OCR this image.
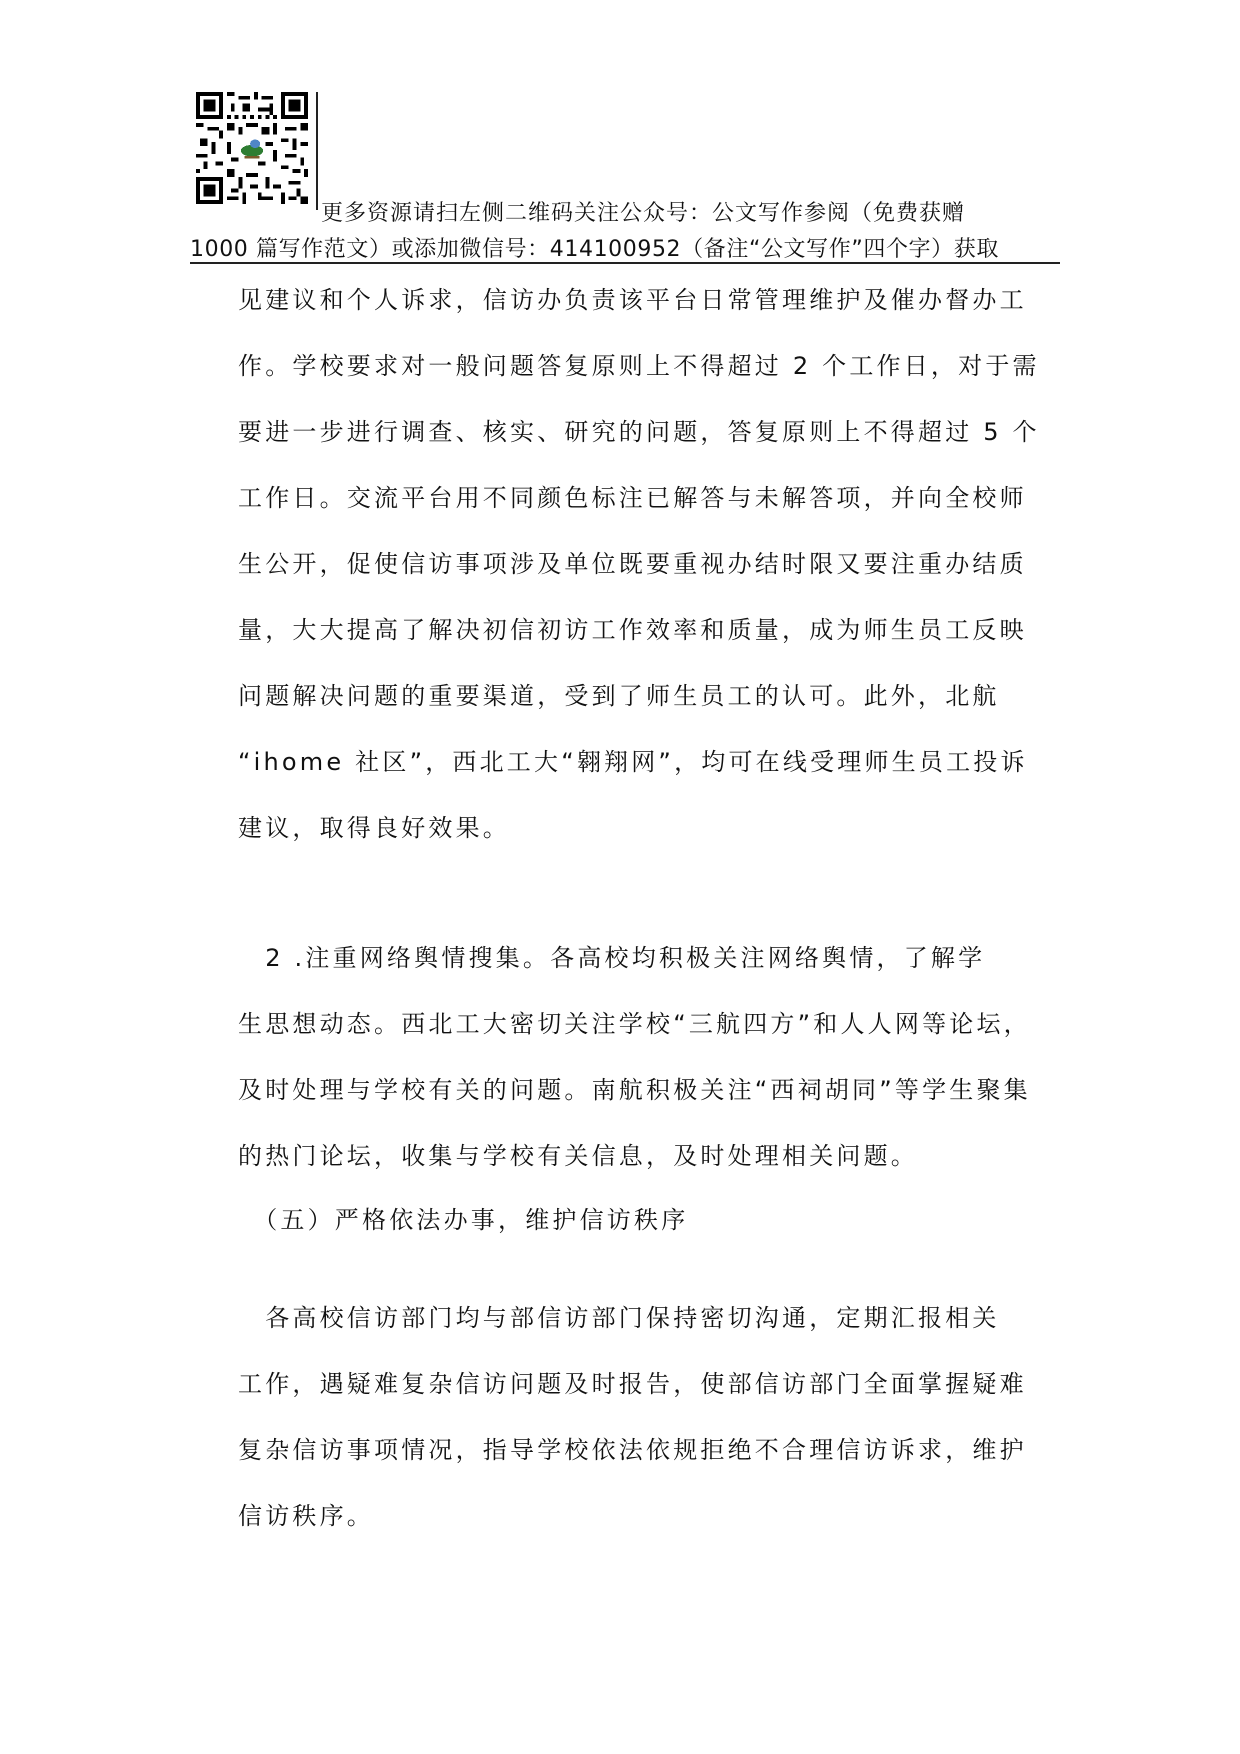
更多资源请扫左侧二维码关注公众号：公文写作参阅（免费获赠
1000 篇写作范文）或添加微信号：414100952（备注“公文写作”四个字）获取
见建议和个人诉求，信访办负责该平台日常管理维护及催办督办工
作。学校要求对一般问题答复原则上不得超过 2 个工作日，对于需
要进一步进行调查、核实、研究的问题，答复原则上不得超过 5 个
工作日。交流平台用不同颜色标注已解答与未解答项，并向全校师
生公开，促使信访事项涉及单位既要重视办结时限又要注重办结质
量，大大提高了解决初信初访工作效率和质量，成为师生员工反映
问题解决问题的重要渠道，受到了师生员工的认可。此外，北航
“ihome 社区”，西北工大“翱翔网”，均可在线受理师生员工投诉
建议，取得良好效果。
　2 .注重网络舆情搜集。各高校均积极关注网络舆情，了解学
生思想动态。西北工大密切关注学校“三航四方”和人人网等论坛，
及时处理与学校有关的问题。南航积极关注“西祠胡同”等学生聚集
的热门论坛，收集与学校有关信息，及时处理相关问题。
　（五）严格依法办事，维护信访秩序
　各高校信访部门均与部信访部门保持密切沟通，定期汇报相关
工作，遇疑难复杂信访问题及时报告，使部信访部门全面掌握疑难
复杂信访事项情况，指导学校依法依规拒绝不合理信访诉求，维护
信访秩序。
